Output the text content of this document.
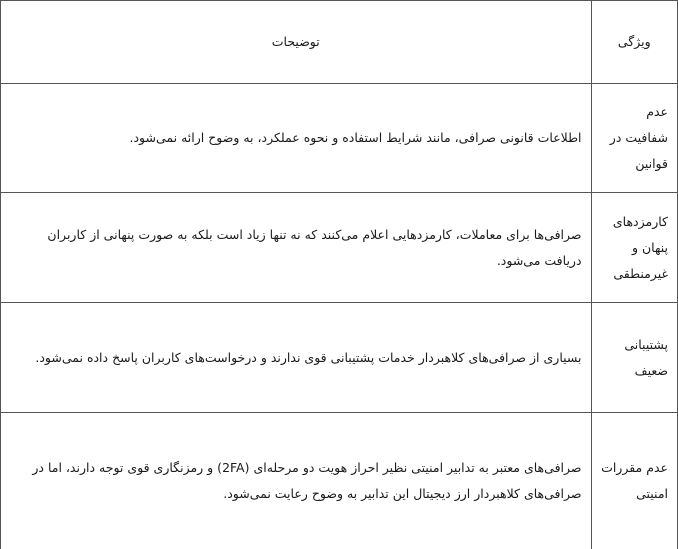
ویژگی	توضیحات
عدم شفافیت در قوانین	اطلاعات قانونی صرافی، مانند شرایط استفاده و نحوه عملکرد، به وضوح ارائه نمی‌شود.
کارمزدهای پنهان و غیرمنطقی	صرافی‌ها برای معاملات، کارمزدهایی اعلام می‌کنند که نه تنها زیاد است بلکه به صورت پنهانی از کاربران دریافت می‌شود.
پشتیبانی ضعیف	بسیاری از صرافی‌های کلاهبردار خدمات پشتیبانی قوی ندارند و درخواست‌های کاربران پاسخ داده نمی‌شود.
عدم مقررات امنیتی	صرافی‌های معتبر به تدابیر امنیتی نظیر احراز هویت دو مرحله‌ای (2FA) و رمزنگاری قوی توجه دارند، اما در صرافی‌های کلاهبردار ارز دیجیتال این تدابیر به وضوح رعایت نمی‌شود.
